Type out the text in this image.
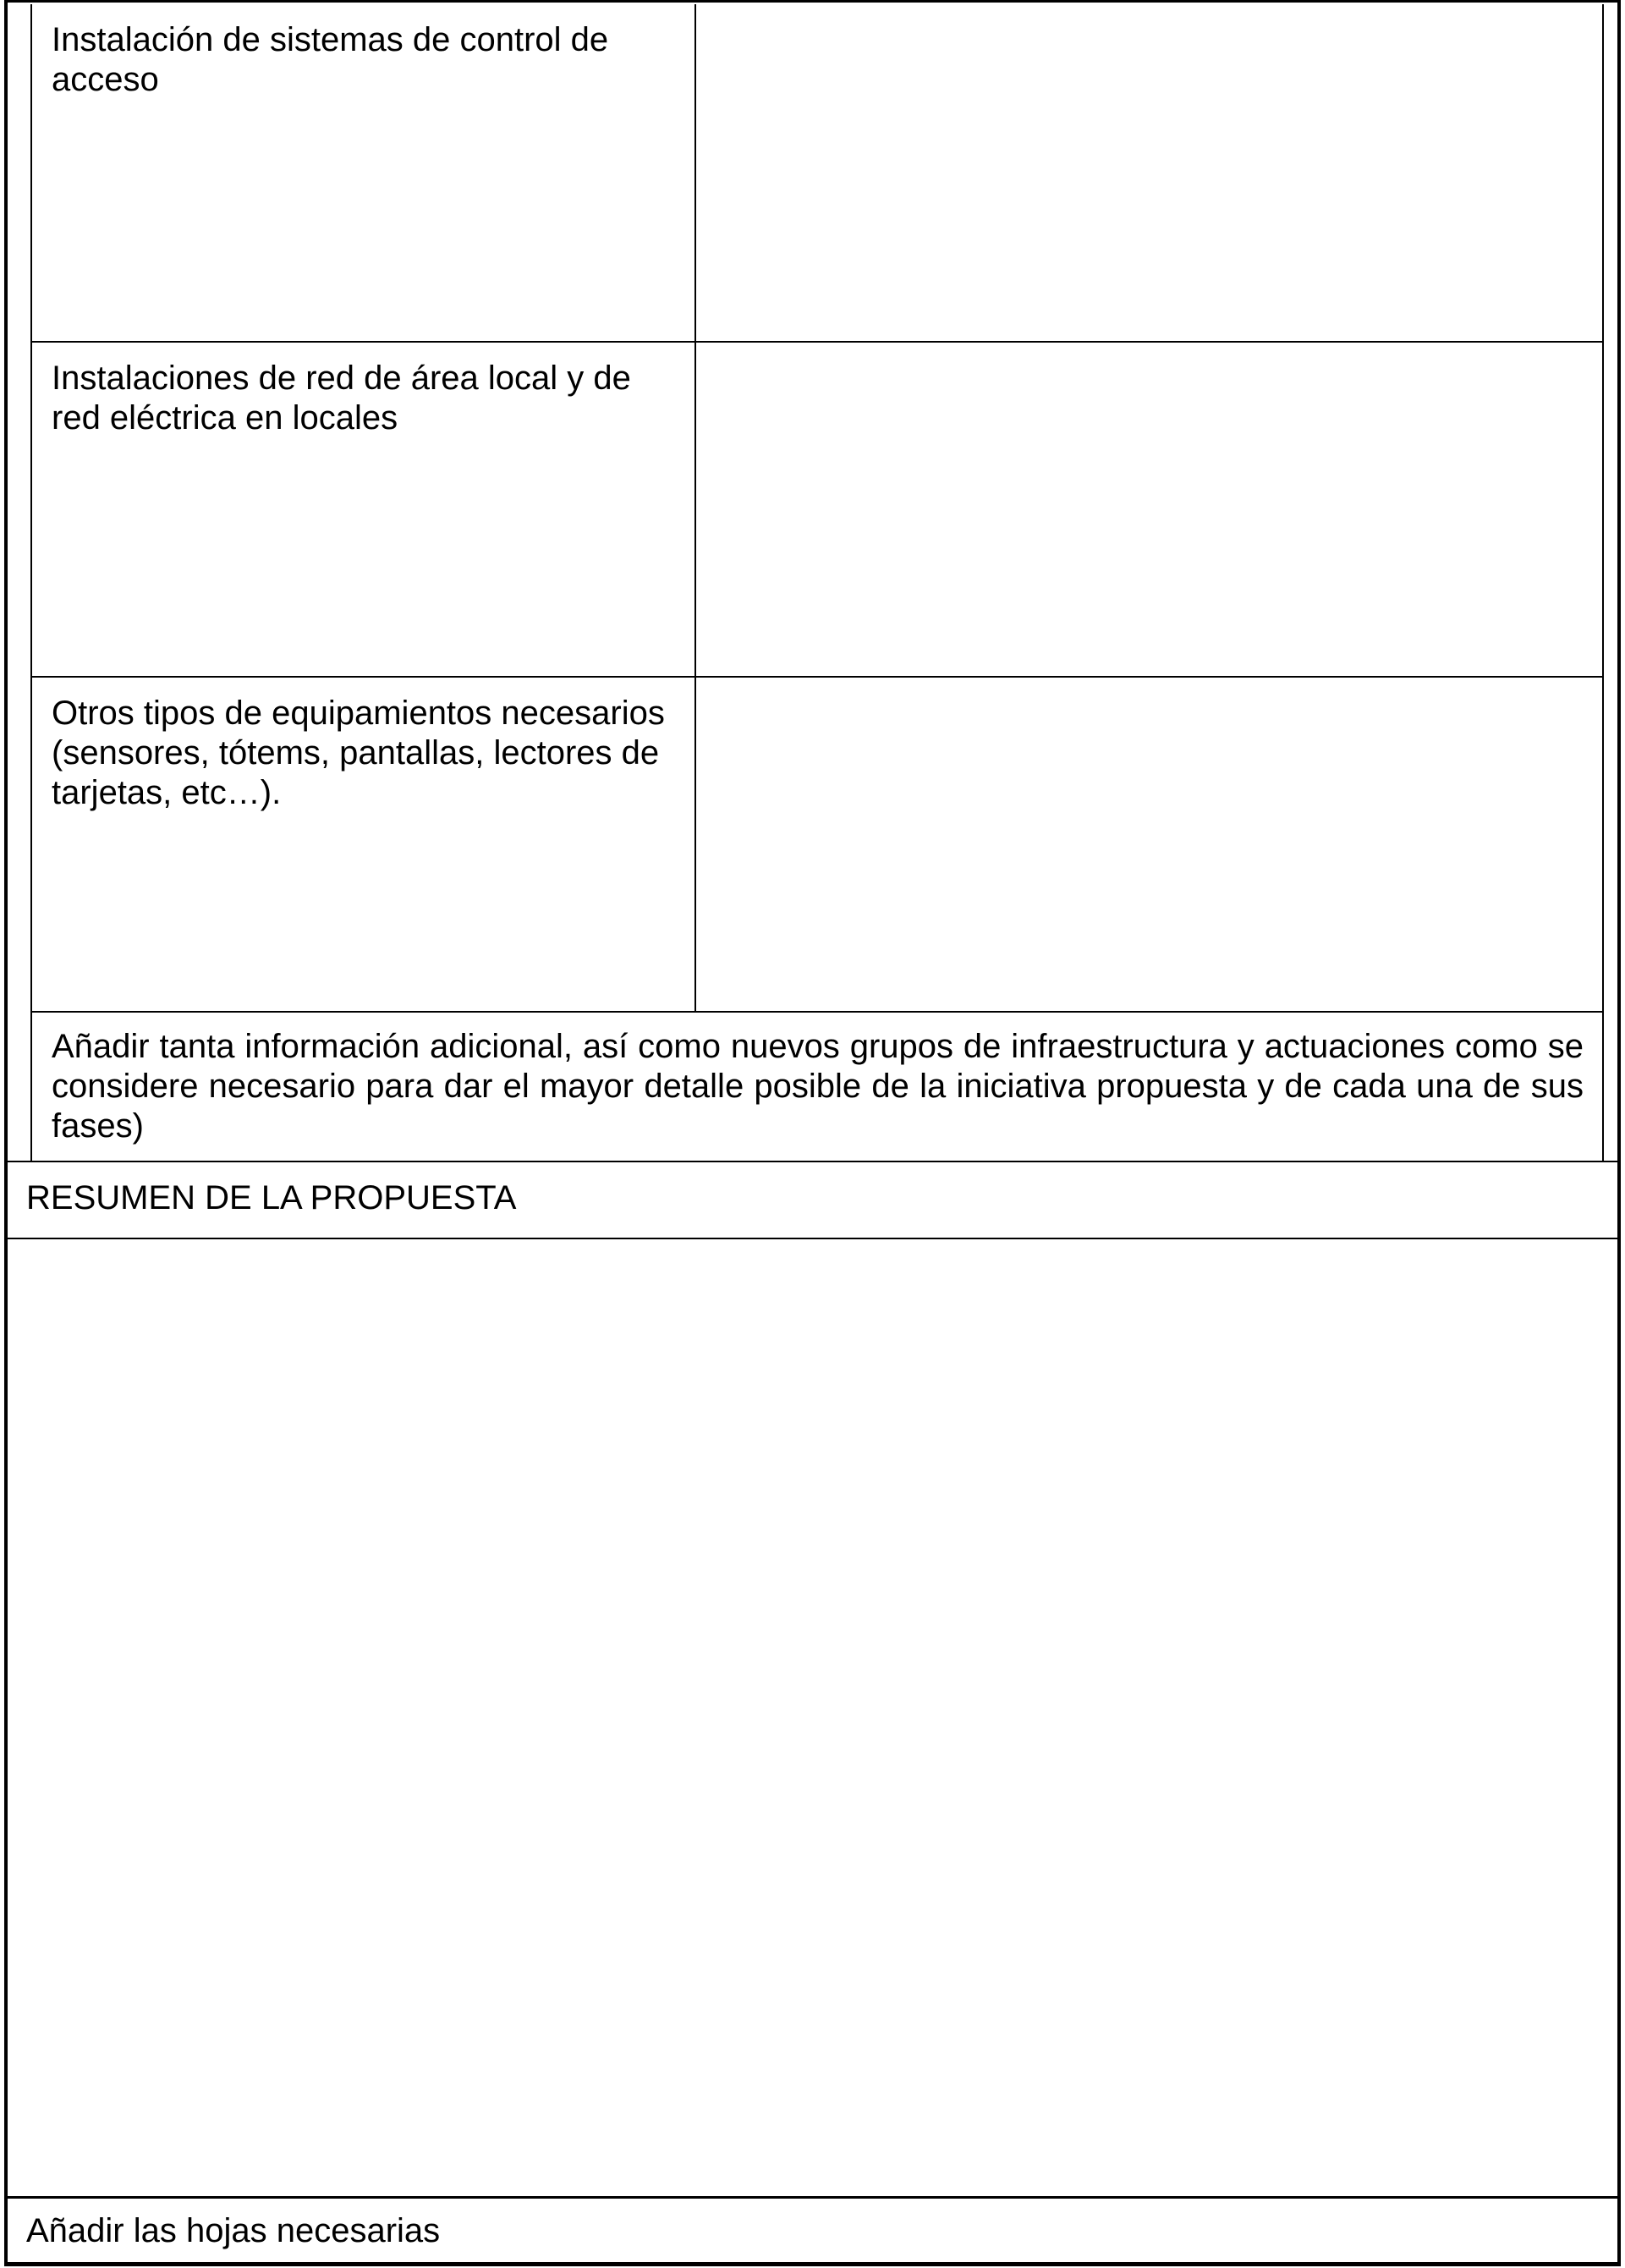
Instalación de sistemas de control de acceso
Instalaciones de red de área local y de red eléctrica en locales
Otros tipos de equipamientos necesarios (sensores, tótems, pantallas, lectores de tarjetas, etc…).
Añadir tanta información adicional, así como nuevos grupos de infraestructura y actuaciones como se considere necesario para dar el mayor detalle posible de la iniciativa propuesta y de cada una de sus fases)
RESUMEN DE LA PROPUESTA
Añadir las hojas necesarias
